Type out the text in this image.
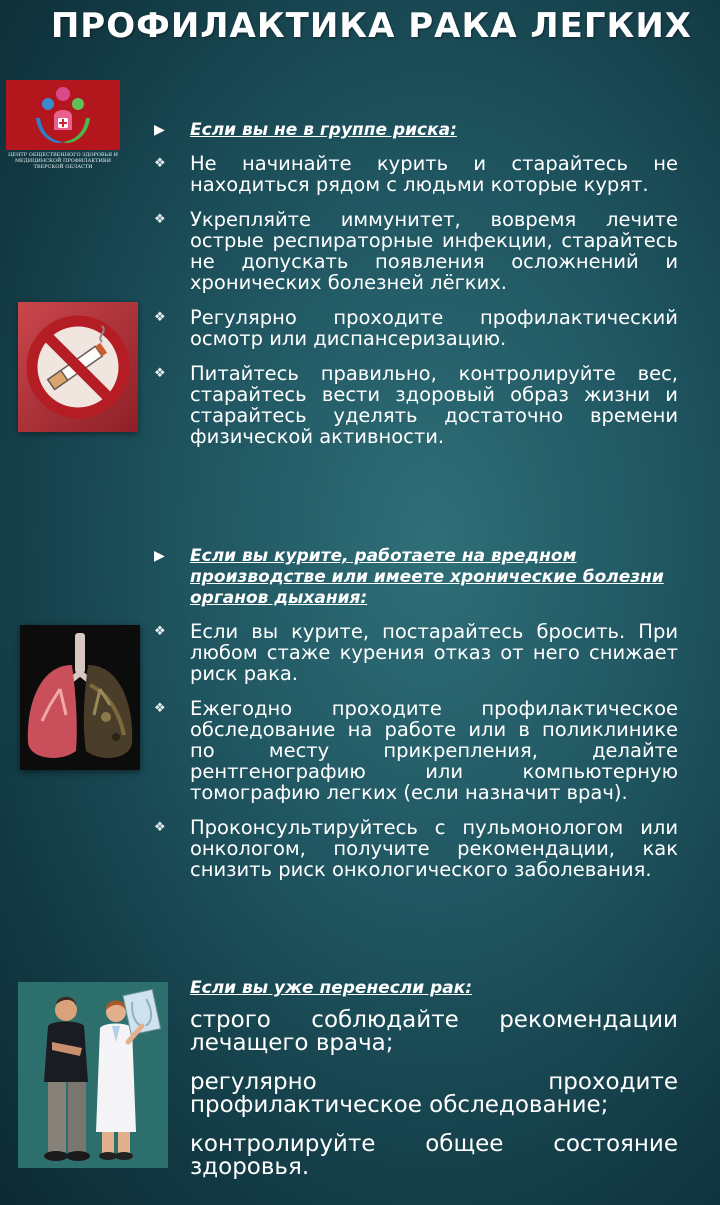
ПРОФИЛАКТИКА РАКА ЛЕГКИХ
ЦЕНТР ОБЩЕСТВЕННОГО ЗДОРОВЬЯ И МЕДИЦИНСКОЙ ПРОФИЛАКТИКИ ТВЕРСКОЙ ОБЛАСТИ
▶ Если вы не в группе риска:
❖ Не начинайте курить и старайтесь не находиться рядом с людьми которые курят.
❖ Укрепляйте иммунитет, вовремя лечите острые респираторные инфекции, старайтесь не допускать появления осложнений и хронических болезней лёгких.
❖ Регулярно проходите профилактический осмотр или диспансеризацию.
❖ Питайтесь правильно, контролируйте вес, старайтесь вести здоровый образ жизни и старайтесь уделять достаточно времени физической активности.
▶ Если вы курите, работаете на вредном производстве или имеете хронические болезни органов дыхания:
❖ Если вы курите, постарайтесь бросить. При любом стаже курения отказ от него снижает риск рака.
❖ Ежегодно проходите профилактическое обследование на работе или в поликлинике по месту прикрепления, делайте рентгенографию или компьютерную томографию легких (если назначит врач).
❖ Проконсультируйтесь с пульмонологом или онкологом, получите рекомендации, как снизить риск онкологического заболевания.
Если вы уже перенесли рак:
строго соблюдайте рекомендации лечащего врача;
регулярно проходите профилактическое обследование;
контролируйте общее состояние здоровья.
